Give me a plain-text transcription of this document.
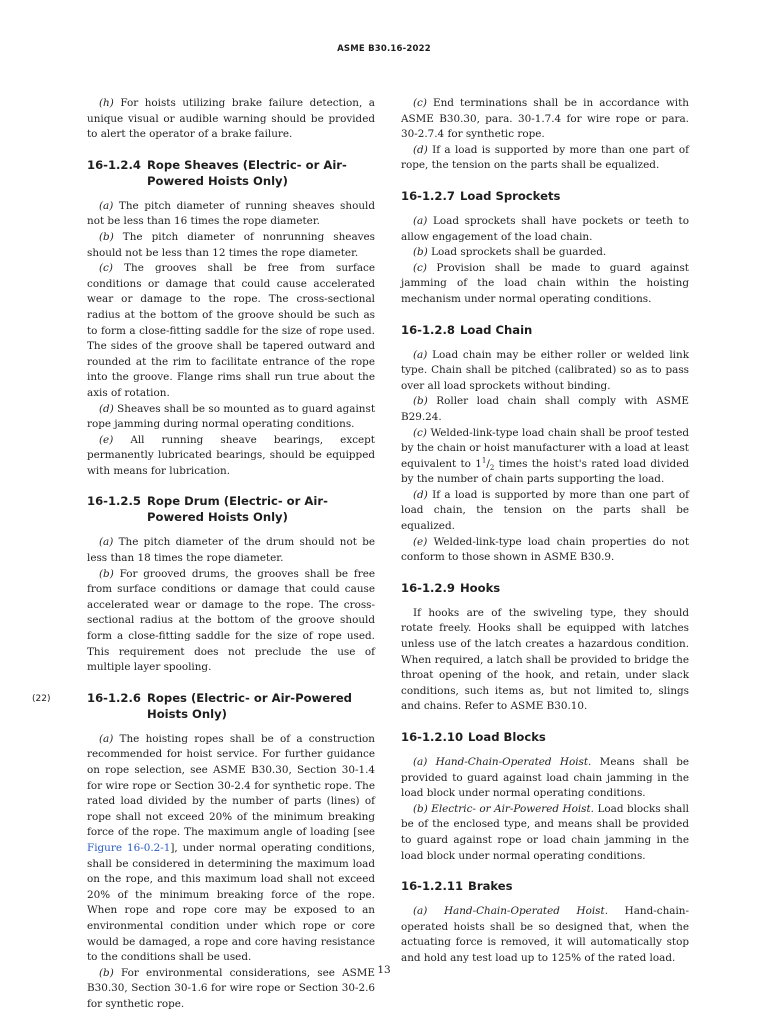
ASME B30.16-2022

(h) For hoists utilizing brake failure detection, a unique visual or audible warning should be provided to alert the operator of a brake failure.

16-1.2.4 Rope Sheaves (Electric- or Air-Powered Hoists Only)

(a) The pitch diameter of running sheaves should not be less than 16 times the rope diameter.

(b) The pitch diameter of nonrunning sheaves should not be less than 12 times the rope diameter.

(c) The grooves shall be free from surface conditions or damage that could cause accelerated wear or damage to the rope. The cross-sectional radius at the bottom of the groove should be such as to form a close-fitting saddle for the size of rope used. The sides of the groove shall be tapered outward and rounded at the rim to facilitate entrance of the rope into the groove. Flange rims shall run true about the axis of rotation.

(d) Sheaves shall be so mounted as to guard against rope jamming during normal operating conditions.

(e) All running sheave bearings, except permanently lubricated bearings, should be equipped with means for lubrication.

16-1.2.5 Rope Drum (Electric- or Air-Powered Hoists Only)

(a) The pitch diameter of the drum should not be less than 18 times the rope diameter.

(b) For grooved drums, the grooves shall be free from surface conditions or damage that could cause accelerated wear or damage to the rope. The cross-sectional radius at the bottom of the groove should form a close-fitting saddle for the size of rope used. This requirement does not preclude the use of multiple layer spooling.

(22)	16-1.2.6 Ropes (Electric- or Air-Powered Hoists Only)

(a) The hoisting ropes shall be of a construction recommended for hoist service. For further guidance on rope selection, see ASME B30.30, Section 30-1.4 for wire rope or Section 30-2.4 for synthetic rope. The rated load divided by the number of parts (lines) of rope shall not exceed 20% of the minimum breaking force of the rope. The maximum angle of loading [see Figure 16-0.2-1], under normal operating conditions, shall be considered in determining the maximum load on the rope, and this maximum load shall not exceed 20% of the minimum breaking force of the rope. When rope and rope core may be exposed to an environmental condition under which rope or core would be damaged, a rope and core having resistance to the conditions shall be used.

(b) For environmental considerations, see ASME B30.30, Section 30-1.6 for wire rope or Section 30-2.6 for synthetic rope.

(c) End terminations shall be in accordance with ASME B30.30, para. 30-1.7.4 for wire rope or para. 30-2.7.4 for synthetic rope.

(d) If a load is supported by more than one part of rope, the tension on the parts shall be equalized.

16-1.2.7 Load Sprockets

(a) Load sprockets shall have pockets or teeth to allow engagement of the load chain.

(b) Load sprockets shall be guarded.

(c) Provision shall be made to guard against jamming of the load chain within the hoisting mechanism under normal operating conditions.

16-1.2.8 Load Chain

(a) Load chain may be either roller or welded link type. Chain shall be pitched (calibrated) so as to pass over all load sprockets without binding.

(b) Roller load chain shall comply with ASME B29.24.

(c) Welded-link-type load chain shall be proof tested by the chain or hoist manufacturer with a load at least equivalent to $1^1/_2$ times the hoist's rated load divided by the number of chain parts supporting the load.

(d) If a load is supported by more than one part of load chain, the tension on the parts shall be equalized.

(e) Welded-link-type load chain properties do not conform to those shown in ASME B30.9.

16-1.2.9 Hooks

If hooks are of the swiveling type, they should rotate freely. Hooks shall be equipped with latches unless use of the latch creates a hazardous condition. When required, a latch shall be provided to bridge the throat opening of the hook, and retain, under slack conditions, such items as, but not limited to, slings and chains. Refer to ASME B30.10.

16-1.2.10 Load Blocks

(a) Hand-Chain-Operated Hoist. Means shall be provided to guard against load chain jamming in the load block under normal operating conditions.

(b) Electric- or Air-Powered Hoist. Load blocks shall be of the enclosed type, and means shall be provided to guard against rope or load chain jamming in the load block under normal operating conditions.

16-1.2.11 Brakes

(a) Hand-Chain-Operated Hoist. Hand-chain-operated hoists shall be so designed that, when the actuating force is removed, it will automatically stop and hold any test load up to 125% of the rated load.

13
